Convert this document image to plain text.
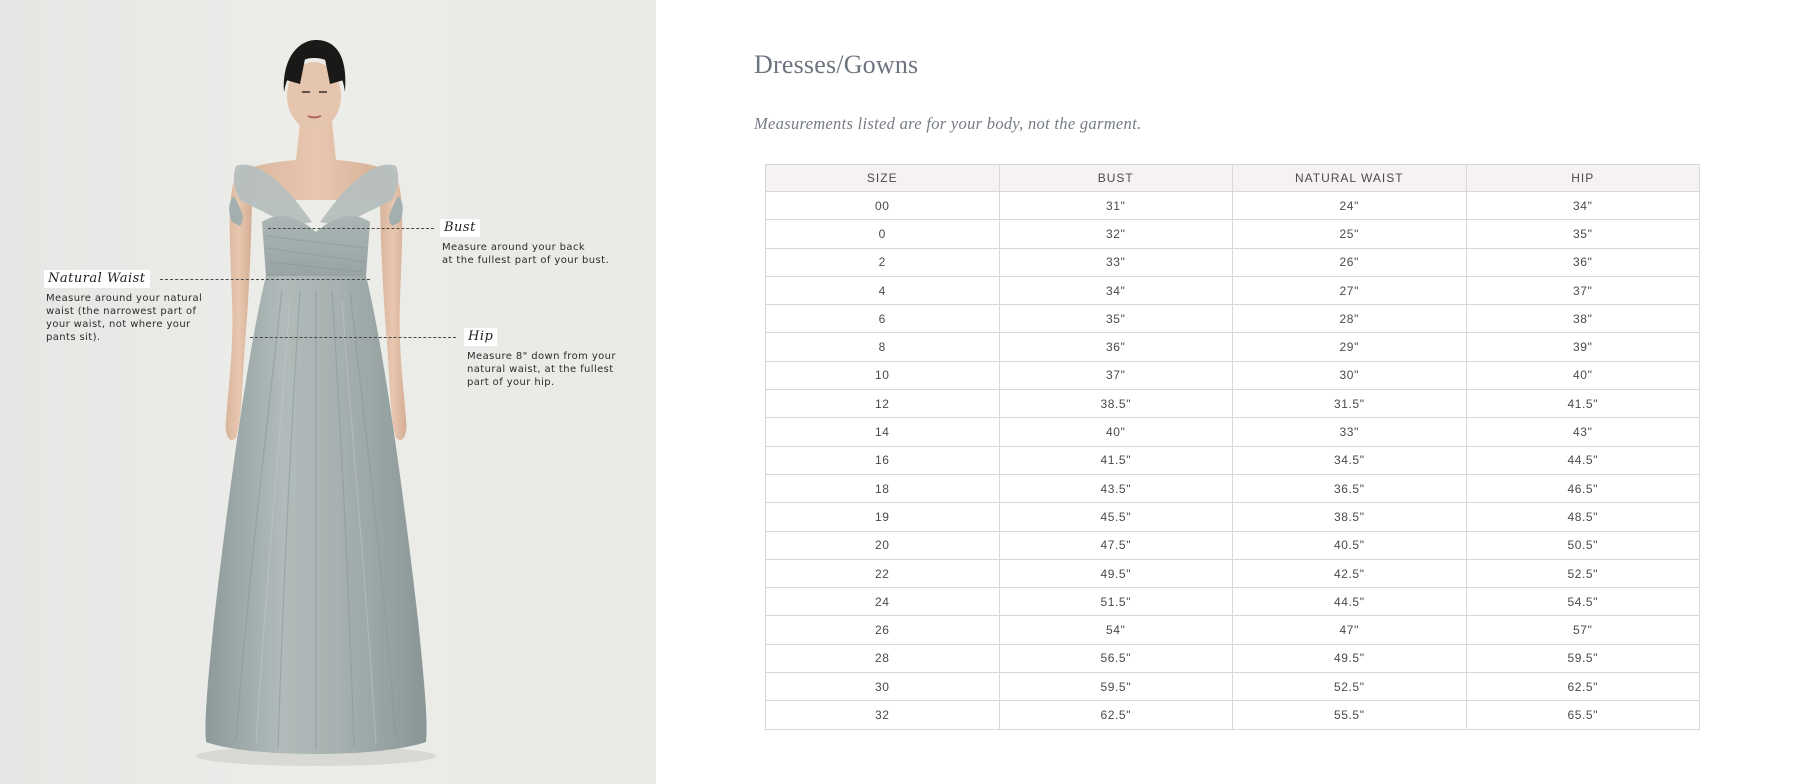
Bust
Measure around your back
at the fullest part of your bust.
Natural Waist
Measure around your natural
waist (the narrowest part of
your waist, not where your
pants sit).	Hip
Measure 8" down from your
natural waist, at the fullest
part of your hip.
Dresses/Gowns

Measurements listed are for your body, not the garment.

SIZE	BUST	NATURAL WAIST	HIP
00	31"	24"	34"
0	32"	25"	35"
2	33"	26"	36"
4	34"	27"	37"
6	35"	28"	38"
8	36"	29"	39"
10	37"	30"	40"
12	38.5"	31.5"	41.5"
14	40"	33"	43"
16	41.5"	34.5"	44.5"
18	43.5"	36.5"	46.5"
19	45.5"	38.5"	48.5"
20	47.5"	40.5"	50.5"
22	49.5"	42.5"	52.5"
24	51.5"	44.5"	54.5"
26	54"	47"	57"
28	56.5"	49.5"	59.5"
30	59.5"	52.5"	62.5"
32	62.5"	55.5"	65.5"
